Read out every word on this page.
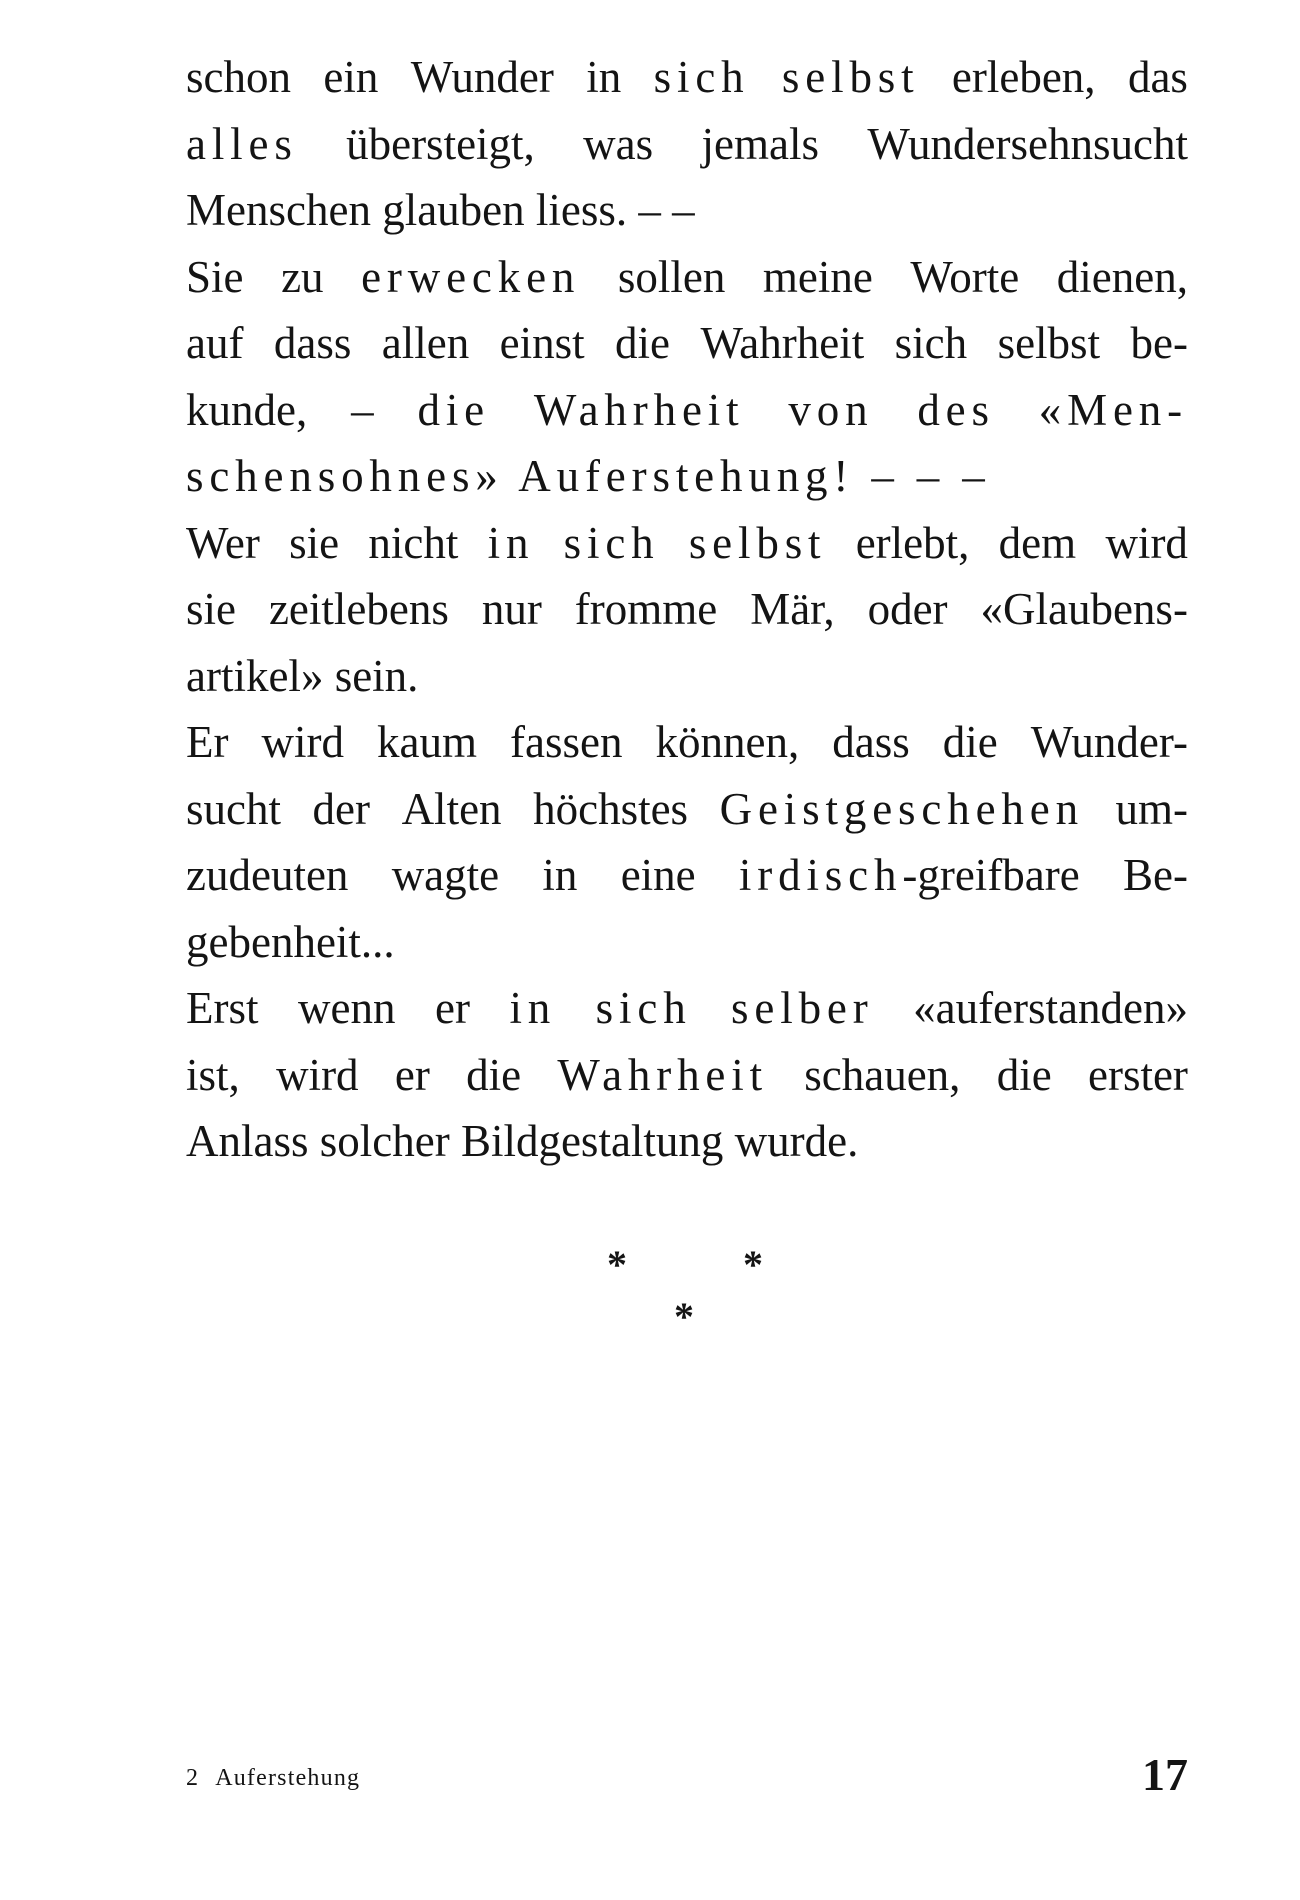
schon ein Wunder in sich selbst erleben, das
alles übersteigt, was jemals Wundersehnsucht
Menschen glauben liess. – –
Sie zu erwecken sollen meine Worte dienen,
auf dass allen einst die Wahrheit sich selbst be-
kunde, – die Wahrheit von des «Men-
schensohnes» Auferstehung! – – –
Wer sie nicht in sich selbst erlebt, dem wird
sie zeitlebens nur fromme Mär, oder «Glaubens-
artikel» sein.
Er wird kaum fassen können, dass die Wunder-
sucht der Alten höchstes Geistgeschehen um-
zudeuten wagte in eine irdisch-greifbare Be-
gebenheit...
Erst wenn er in sich selber «auferstanden»
ist, wird er die Wahrheit schauen, die erster
Anlass solcher Bildgestaltung wurde.
*	*
*
2 Auferstehung	17
